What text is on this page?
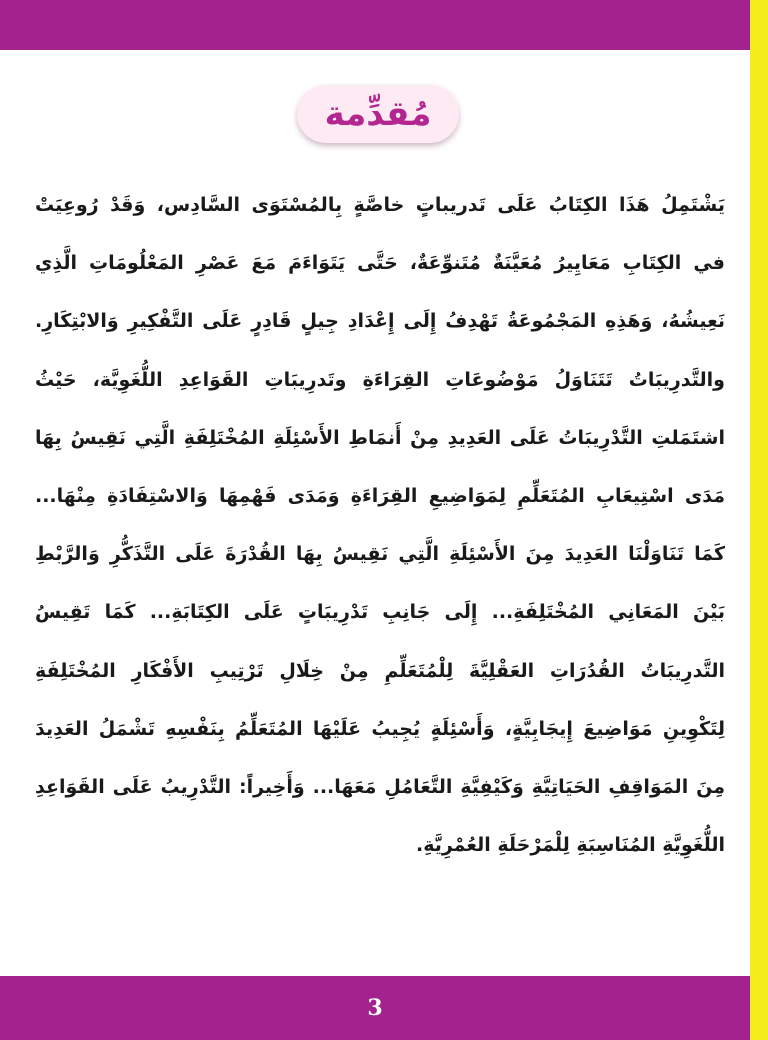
مُقدِّمة
يَشْتَمِلُ هَذَا الكِتَابُ عَلَى تَدريباتٍ خاصَّةٍ بِالمُسْتَوَى السَّادِس، وَقَدْ رُوعِيَتْ
في الكِتَابِ مَعَايِيرُ مُعَيَّنَةٌ مُتَنوِّعَةٌ، حَتَّى يَتَوَاءَمَ مَعَ عَصْرِ المَعْلُومَاتِ الَّذِي
نَعِيشُهُ، وَهَذِهِ المَجْمُوعَةُ تَهْدِفُ إِلَى إِعْدَادِ جِيلٍ قَادِرٍ عَلَى التَّفْكِيرِ وَالابْتِكَارِ.
والتَّدرِيبَاتُ تَتَنَاوَلُ مَوْضُوعَاتِ القِرَاءَةِ وتَدرِيبَاتِ القَوَاعِدِ اللُّغَوِيَّة، حَيْثُ
اشتَمَلتِ التَّدْرِيبَاتُ عَلَى العَدِيدِ مِنْ أَنمَاطِ الأَسْئِلَةِ المُخْتَلِفَةِ الَّتِي نَقِيسُ بِهَا
مَدَى اسْتِيعَابِ المُتَعَلِّمِ لِمَوَاضِيعِ القِرَاءَةِ وَمَدَى فَهْمِهَا وَالاسْتِفَادَةِ مِنْهَا...
كَمَا تَنَاوَلْنَا العَدِيدَ مِنَ الأَسْئِلَةِ الَّتِي نَقِيسُ بِهَا القُدْرَةَ عَلَى التَّذَكُّرِ وَالرَّبْطِ
بَيْنَ المَعَانِي المُخْتَلِفَةِ... إِلَى جَانِبِ تَدْرِيبَاتٍ عَلَى الكِتَابَةِ... كَمَا تَقِيسُ
التَّدرِيبَاتُ القُدُرَاتِ العَقْلِيَّةَ لِلْمُتَعَلِّمِ مِنْ خِلَالِ تَرْتِيبِ الأَفْكَارِ المُخْتَلِفَةِ
لِتَكْوِينِ مَوَاضِيعَ إِيجَابِيَّةٍ، وَأَسْئِلَةٍ يُجِيبُ عَلَيْهَا المُتَعَلِّمُ بِنَفْسِهِ تَشْمَلُ العَدِيدَ
مِنَ المَوَاقِفِ الحَيَاتِيَّةِ وَكَيْفِيَّةِ التَّعَامُلِ مَعَهَا... وَأَخِيراً: التَّدْرِيبُ عَلَى القَوَاعِدِ
اللُّغَوِيَّةِ المُنَاسِبَةِ لِلْمَرْحَلَةِ العُمْرِيَّةِ.
3
